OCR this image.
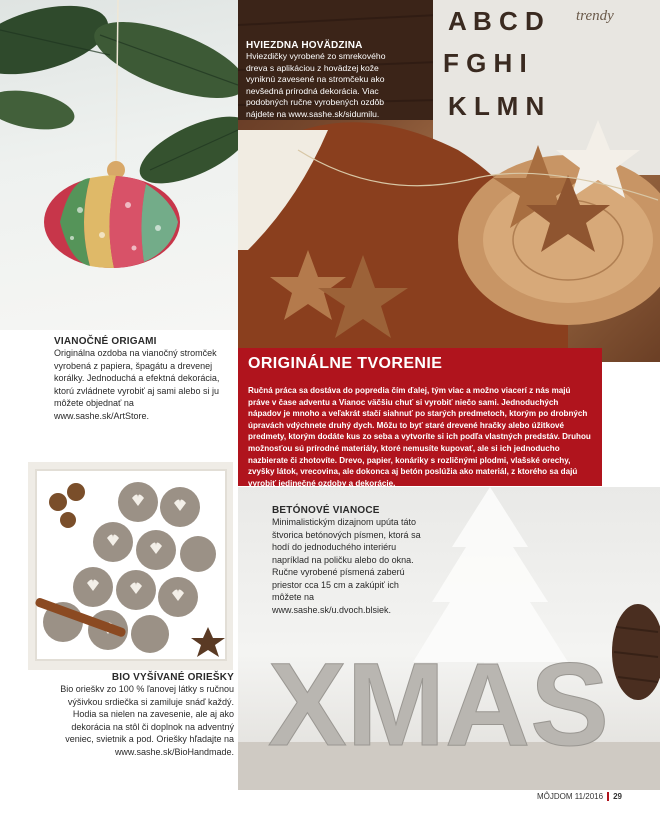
A B C D
F G H I
K L M N
XMAS
trendy
HVIEZDNA HOVÄDZINA
Hviezdičky vyrobené zo smrekového dreva s aplikáciou z hovädzej kože vyniknú zavesené na stromčeku ako nevšedná prírodná dekorácia. Viac podobných ručne vyrobených ozdôb nájdete na www.sashe.sk/sidumilu.
VIANOČNÉ ORIGAMI
Originálna ozdoba na vianočný stromček vyrobená z papiera, špagátu a drevenej korálky. Jednoduchá a efektná dekorácia, ktorú zvládnete vyrobiť aj sami alebo si ju môžete objednať na www.sashe.sk/ArtStore.
ORIGINÁLNE TVORENIE
Ručná práca sa dostáva do popredia čím ďalej, tým viac a možno viacerí z nás majú práve v čase adventu a Vianoc väčšiu chuť si vyrobiť niečo sami. Jednoduchých nápadov je mnoho a veľakrát stačí siahnuť po starých predmetoch, ktorým po drobných úpravách vdýchnete druhý dych. Môžu to byť staré drevené hračky alebo úžitkové predmety, ktorým dodáte kus zo seba a vytvoríte si ich podľa vlastných predstáv. Druhou možnosťou sú prírodné materiály, ktoré nemusíte kupovať, ale si ich jednoducho nazbierate či zhotovíte. Drevo, papier, konáriky s rozličnými plodmi, vlašské orechy, zvyšky látok, vrecovina, ale dokonca aj betón poslúžia ako materiál, z ktorého sa dajú vyrobiť jedinečné ozdoby a dekorácie.
BETÓNOVÉ VIANOCE
Minimalistickým dizajnom upúta táto štvorica betónových písmen, ktorá sa hodí do jednoduchého interiéru napríklad na poličku alebo do okna. Ručne vyrobené písmená zaberú priestor cca 15 cm a zakúpiť ich môžete na www.sashe.sk/u.dvoch.blsiek.
BIO VYŠÍVANÉ ORIEŠKY
Bio orieškv zo 100 % ľanovej látky s ručnou výšivkou srdiečka si zamiluje snáď každý. Hodia sa nielen na zavesenie, ale aj ako dekorácia na stôl či doplnok na adventný veniec, svietnik a pod. Oriešky hľadajte na www.sashe.sk/BioHandmade.
MÔJDOM 11/2016 29
